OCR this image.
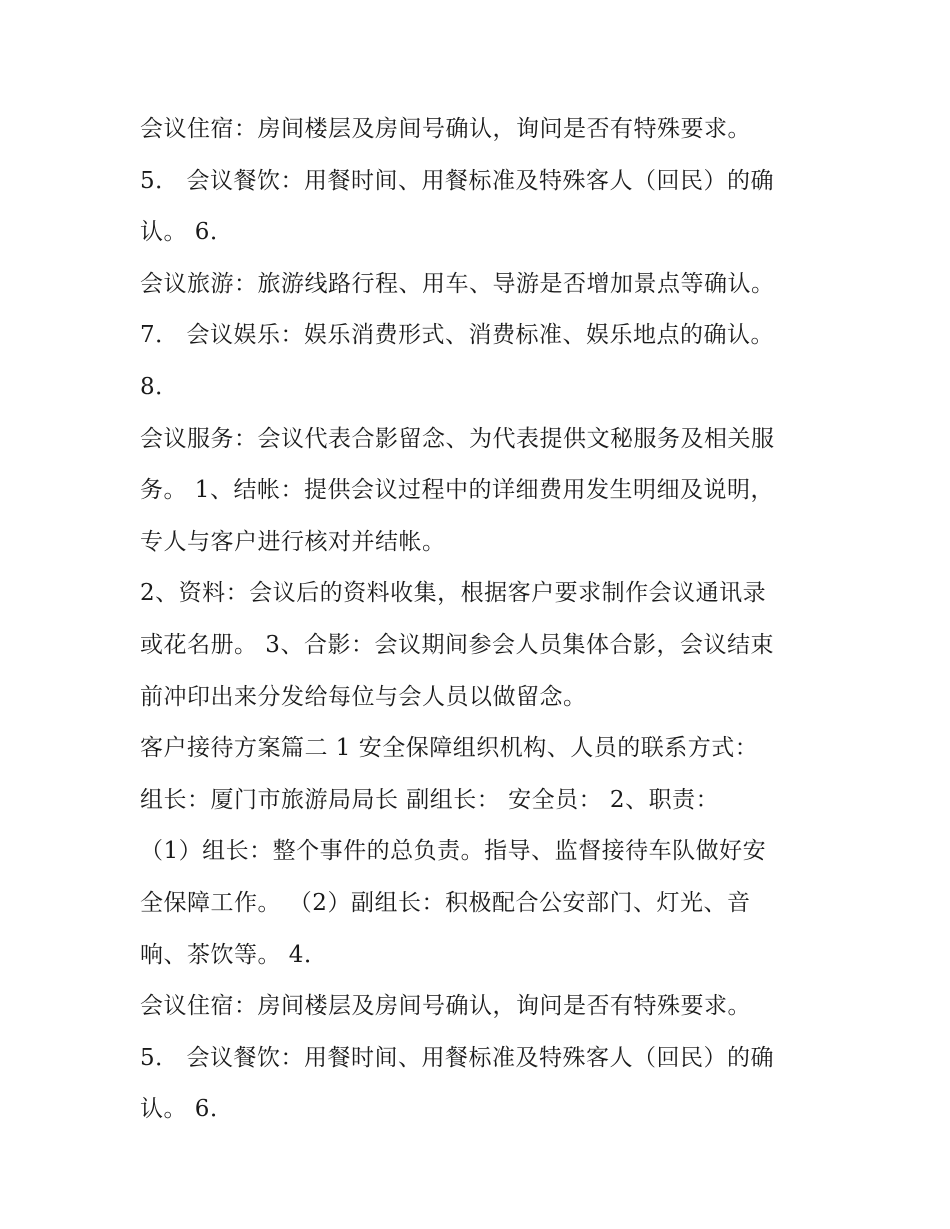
会议住宿：房间楼层及房间号确认，询问是否有特殊要求。
5． 会议餐饮：用餐时间、用餐标准及特殊客人（回民）的确
认。 6．
会议旅游：旅游线路行程、用车、导游是否增加景点等确认。
7． 会议娱乐：娱乐消费形式、消费标准、娱乐地点的确认。
8．
会议服务：会议代表合影留念、为代表提供文秘服务及相关服
务。 1、结帐：提供会议过程中的详细费用发生明细及说明，
专人与客户进行核对并结帐。
2、资料：会议后的资料收集，根据客户要求制作会议通讯录
或花名册。 3、合影：会议期间参会人员集体合影，会议结束
前冲印出来分发给每位与会人员以做留念。
客户接待方案篇二 1 安全保障组织机构、人员的联系方式：
组长：厦门市旅游局局长 副组长： 安全员： 2、职责：
（1）组长：整个事件的总负责。指导、监督接待车队做好安
全保障工作。 （2）副组长：积极配合公安部门、灯光、音
响、茶饮等。 4．
会议住宿：房间楼层及房间号确认，询问是否有特殊要求。
5． 会议餐饮：用餐时间、用餐标准及特殊客人（回民）的确
认。 6．
